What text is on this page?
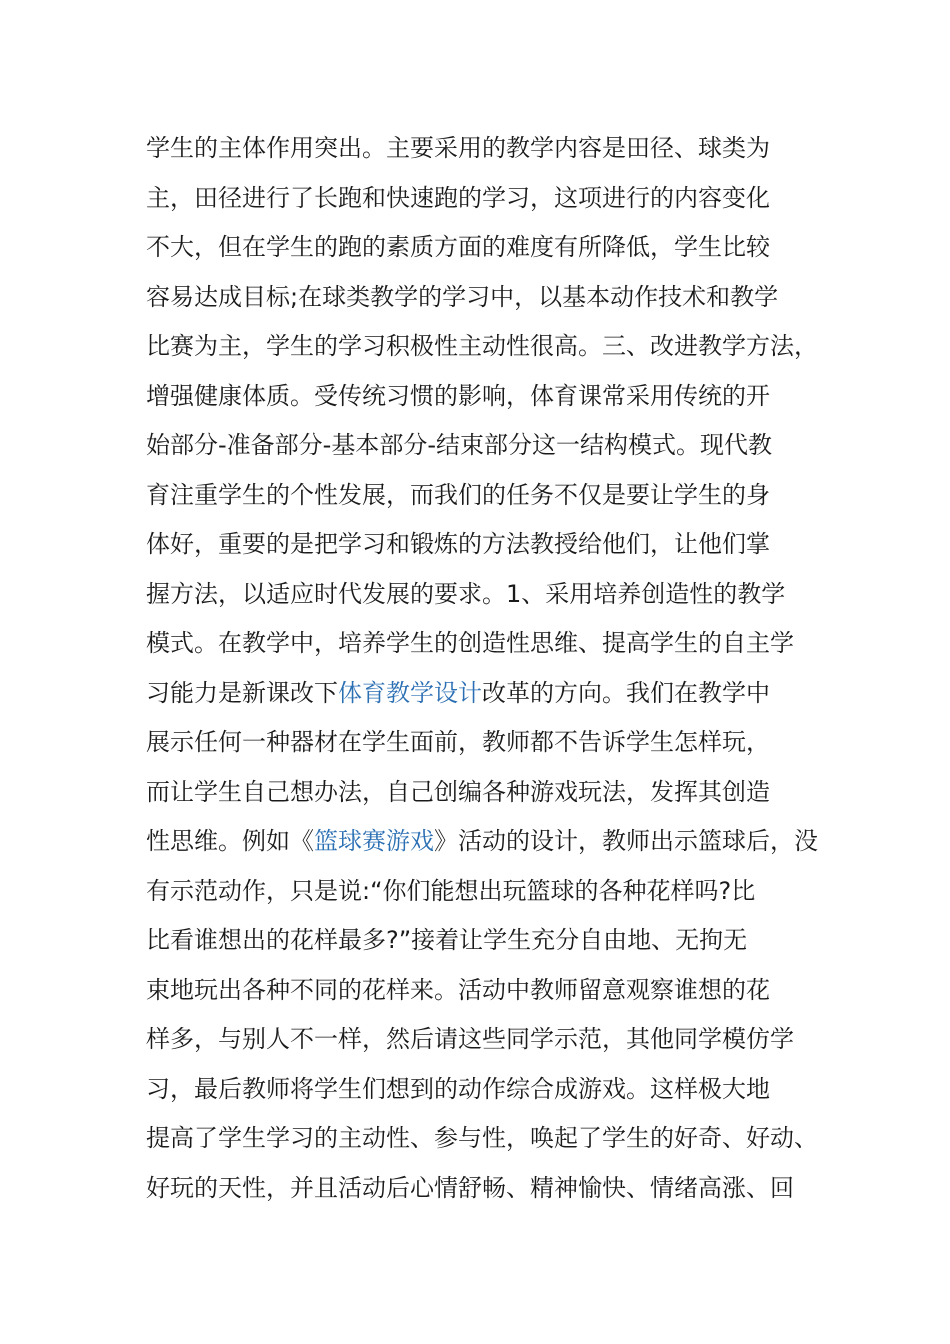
学生的主体作用突出。主要采用的教学内容是田径、球类为
主，田径进行了长跑和快速跑的学习，这项进行的内容变化
不大，但在学生的跑的素质方面的难度有所降低，学生比较
容易达成目标;在球类教学的学习中，以基本动作技术和教学
比赛为主，学生的学习积极性主动性很高。三、改进教学方法，
增强健康体质。受传统习惯的影响，体育课常采用传统的开
始部分-准备部分-基本部分-结束部分这一结构模式。现代教
育注重学生的个性发展，而我们的任务不仅是要让学生的身
体好，重要的是把学习和锻炼的方法教授给他们，让他们掌
握方法，以适应时代发展的要求。1、采用培养创造性的教学
模式。在教学中，培养学生的创造性思维、提高学生的自主学
习能力是新课改下体育教学设计改革的方向。我们在教学中
展示任何一种器材在学生面前，教师都不告诉学生怎样玩，
而让学生自己想办法，自己创编各种游戏玩法，发挥其创造
性思维。例如《篮球赛游戏》活动的设计，教师出示篮球后，没
有示范动作，只是说:“你们能想出玩篮球的各种花样吗?比
比看谁想出的花样最多?”接着让学生充分自由地、无拘无
束地玩出各种不同的花样来。活动中教师留意观察谁想的花
样多，与别人不一样，然后请这些同学示范，其他同学模仿学
习，最后教师将学生们想到的动作综合成游戏。这样极大地
提高了学生学习的主动性、参与性，唤起了学生的好奇、好动、
好玩的天性，并且活动后心情舒畅、精神愉快、情绪高涨、回
